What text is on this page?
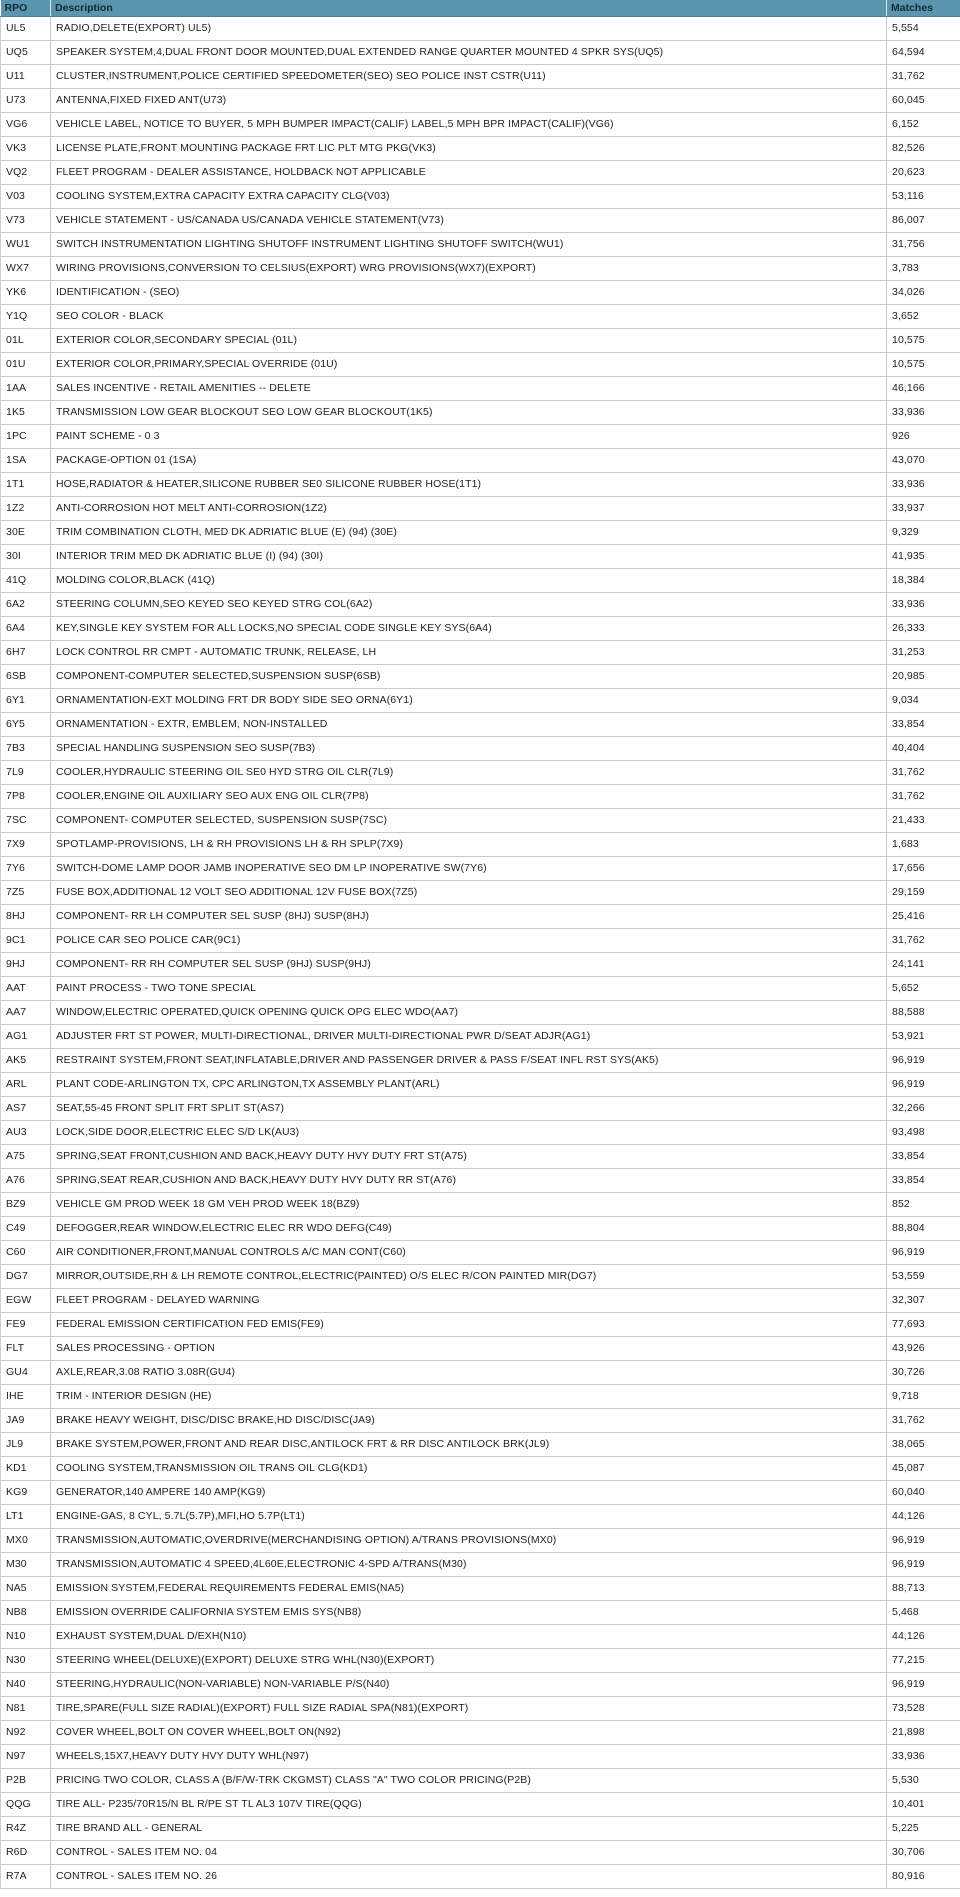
RPO	Description	Matches
UL5	RADIO,DELETE(EXPORT) UL5)	5,554
UQ5	SPEAKER SYSTEM,4,DUAL FRONT DOOR MOUNTED,DUAL EXTENDED RANGE QUARTER MOUNTED 4 SPKR SYS(UQ5)	64,594
U11	CLUSTER,INSTRUMENT,POLICE CERTIFIED SPEEDOMETER(SEO) SEO POLICE INST CSTR(U11)	31,762
U73	ANTENNA,FIXED FIXED ANT(U73)	60,045
VG6	VEHICLE LABEL, NOTICE TO BUYER, 5 MPH BUMPER IMPACT(CALIF) LABEL,5 MPH BPR IMPACT(CALIF)(VG6)	6,152
VK3	LICENSE PLATE,FRONT MOUNTING PACKAGE FRT LIC PLT MTG PKG(VK3)	82,526
VQ2	FLEET PROGRAM - DEALER ASSISTANCE, HOLDBACK NOT APPLICABLE	20,623
V03	COOLING SYSTEM,EXTRA CAPACITY EXTRA CAPACITY CLG(V03)	53,116
V73	VEHICLE STATEMENT - US/CANADA US/CANADA VEHICLE STATEMENT(V73)	86,007
WU1	SWITCH INSTRUMENTATION LIGHTING SHUTOFF INSTRUMENT LIGHTING SHUTOFF SWITCH(WU1)	31,756
WX7	WIRING PROVISIONS,CONVERSION TO CELSIUS(EXPORT) WRG PROVISIONS(WX7)(EXPORT)	3,783
YK6	IDENTIFICATION - (SEO)	34,026
Y1Q	SEO COLOR - BLACK	3,652
01L	EXTERIOR COLOR,SECONDARY SPECIAL (01L)	10,575
01U	EXTERIOR COLOR,PRIMARY,SPECIAL OVERRIDE (01U)	10,575
1AA	SALES INCENTIVE - RETAIL AMENITIES -- DELETE	46,166
1K5	TRANSMISSION LOW GEAR BLOCKOUT SEO LOW GEAR BLOCKOUT(1K5)	33,936
1PC	PAINT SCHEME - 0 3	926
1SA	PACKAGE-OPTION 01 (1SA)	43,070
1T1	HOSE,RADIATOR & HEATER,SILICONE RUBBER SE0 SILICONE RUBBER HOSE(1T1)	33,936
1Z2	ANTI-CORROSION HOT MELT ANTI-CORROSION(1Z2)	33,937
30E	TRIM COMBINATION CLOTH, MED DK ADRIATIC BLUE (E) (94) (30E)	9,329
30I	INTERIOR TRIM MED DK ADRIATIC BLUE (I) (94) (30I)	41,935
41Q	MOLDING COLOR,BLACK (41Q)	18,384
6A2	STEERING COLUMN,SEO KEYED SEO KEYED STRG COL(6A2)	33,936
6A4	KEY,SINGLE KEY SYSTEM FOR ALL LOCKS,NO SPECIAL CODE SINGLE KEY SYS(6A4)	26,333
6H7	LOCK CONTROL RR CMPT - AUTOMATIC TRUNK, RELEASE, LH	31,253
6SB	COMPONENT-COMPUTER SELECTED,SUSPENSION SUSP(6SB)	20,985
6Y1	ORNAMENTATION-EXT MOLDING FRT DR BODY SIDE SEO ORNA(6Y1)	9,034
6Y5	ORNAMENTATION - EXTR, EMBLEM, NON-INSTALLED	33,854
7B3	SPECIAL HANDLING SUSPENSION SEO SUSP(7B3)	40,404
7L9	COOLER,HYDRAULIC STEERING OIL SE0 HYD STRG OIL CLR(7L9)	31,762
7P8	COOLER,ENGINE OIL AUXILIARY SEO AUX ENG OIL CLR(7P8)	31,762
7SC	COMPONENT- COMPUTER SELECTED, SUSPENSION SUSP(7SC)	21,433
7X9	SPOTLAMP-PROVISIONS, LH & RH PROVISIONS LH & RH SPLP(7X9)	1,683
7Y6	SWITCH-DOME LAMP DOOR JAMB INOPERATIVE SEO DM LP INOPERATIVE SW(7Y6)	17,656
7Z5	FUSE BOX,ADDITIONAL 12 VOLT SEO ADDITIONAL 12V FUSE BOX(7Z5)	29,159
8HJ	COMPONENT- RR LH COMPUTER SEL SUSP (8HJ) SUSP(8HJ)	25,416
9C1	POLICE CAR SEO POLICE CAR(9C1)	31,762
9HJ	COMPONENT- RR RH COMPUTER SEL SUSP (9HJ) SUSP(9HJ)	24,141
AAT	PAINT PROCESS - TWO TONE SPECIAL	5,652
AA7	WINDOW,ELECTRIC OPERATED,QUICK OPENING QUICK OPG ELEC WDO(AA7)	88,588
AG1	ADJUSTER FRT ST POWER, MULTI-DIRECTIONAL, DRIVER MULTI-DIRECTIONAL PWR D/SEAT ADJR(AG1)	53,921
AK5	RESTRAINT SYSTEM,FRONT SEAT,INFLATABLE,DRIVER AND PASSENGER DRIVER & PASS F/SEAT INFL RST SYS(AK5)	96,919
ARL	PLANT CODE-ARLINGTON TX, CPC ARLINGTON,TX ASSEMBLY PLANT(ARL)	96,919
AS7	SEAT,55-45 FRONT SPLIT FRT SPLIT ST(AS7)	32,266
AU3	LOCK,SIDE DOOR,ELECTRIC ELEC S/D LK(AU3)	93,498
A75	SPRING,SEAT FRONT,CUSHION AND BACK,HEAVY DUTY HVY DUTY FRT ST(A75)	33,854
A76	SPRING,SEAT REAR,CUSHION AND BACK,HEAVY DUTY HVY DUTY RR ST(A76)	33,854
BZ9	VEHICLE GM PROD WEEK 18 GM VEH PROD WEEK 18(BZ9)	852
C49	DEFOGGER,REAR WINDOW,ELECTRIC ELEC RR WDO DEFG(C49)	88,804
C60	AIR CONDITIONER,FRONT,MANUAL CONTROLS A/C MAN CONT(C60)	96,919
DG7	MIRROR,OUTSIDE,RH & LH REMOTE CONTROL,ELECTRIC(PAINTED) O/S ELEC R/CON PAINTED MIR(DG7)	53,559
EGW	FLEET PROGRAM - DELAYED WARNING	32,307
FE9	FEDERAL EMISSION CERTIFICATION FED EMIS(FE9)	77,693
FLT	SALES PROCESSING - OPTION	43,926
GU4	AXLE,REAR,3.08 RATIO 3.08R(GU4)	30,726
IHE	TRIM - INTERIOR DESIGN (HE)	9,718
JA9	BRAKE HEAVY WEIGHT, DISC/DISC BRAKE,HD DISC/DISC(JA9)	31,762
JL9	BRAKE SYSTEM,POWER,FRONT AND REAR DISC,ANTILOCK FRT & RR DISC ANTILOCK BRK(JL9)	38,065
KD1	COOLING SYSTEM,TRANSMISSION OIL TRANS OIL CLG(KD1)	45,087
KG9	GENERATOR,140 AMPERE 140 AMP(KG9)	60,040
LT1	ENGINE-GAS, 8 CYL, 5.7L(5.7P),MFI,HO 5.7P(LT1)	44,126
MX0	TRANSMISSION,AUTOMATIC,OVERDRIVE(MERCHANDISING OPTION) A/TRANS PROVISIONS(MX0)	96,919
M30	TRANSMISSION,AUTOMATIC 4 SPEED,4L60E,ELECTRONIC 4-SPD A/TRANS(M30)	96,919
NA5	EMISSION SYSTEM,FEDERAL REQUIREMENTS FEDERAL EMIS(NA5)	88,713
NB8	EMISSION OVERRIDE CALIFORNIA SYSTEM EMIS SYS(NB8)	5,468
N10	EXHAUST SYSTEM,DUAL D/EXH(N10)	44,126
N30	STEERING WHEEL(DELUXE)(EXPORT) DELUXE STRG WHL(N30)(EXPORT)	77,215
N40	STEERING,HYDRAULIC(NON-VARIABLE) NON-VARIABLE P/S(N40)	96,919
N81	TIRE,SPARE(FULL SIZE RADIAL)(EXPORT) FULL SIZE RADIAL SPA(N81)(EXPORT)	73,528
N92	COVER WHEEL,BOLT ON COVER WHEEL,BOLT ON(N92)	21,898
N97	WHEELS,15X7,HEAVY DUTY HVY DUTY WHL(N97)	33,936
P2B	PRICING TWO COLOR, CLASS A (B/F/W-TRK CKGMST) CLASS "A" TWO COLOR PRICING(P2B)	5,530
QQG	TIRE ALL- P235/70R15/N BL R/PE ST TL AL3 107V TIRE(QQG)	10,401
R4Z	TIRE BRAND ALL - GENERAL	5,225
R6D	CONTROL - SALES ITEM NO. 04	30,706
R7A	CONTROL - SALES ITEM NO. 26	80,916
